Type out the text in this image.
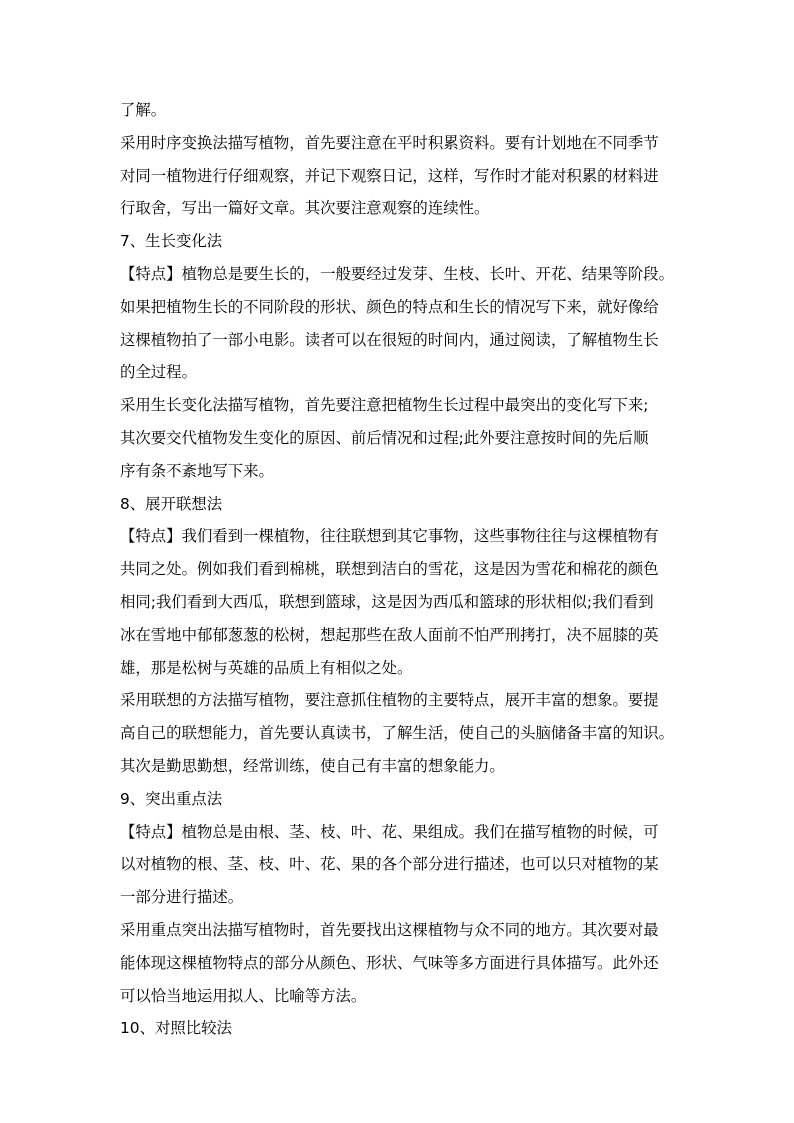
了解。
采用时序变换法描写植物，首先要注意在平时积累资料。要有计划地在不同季节
对同一植物进行仔细观察，并记下观察日记，这样，写作时才能对积累的材料进
行取舍，写出一篇好文章。其次要注意观察的连续性。
7、生长变化法
【特点】植物总是要生长的，一般要经过发芽、生枝、长叶、开花、结果等阶段。
如果把植物生长的不同阶段的形状、颜色的特点和生长的情况写下来，就好像给
这棵植物拍了一部小电影。读者可以在很短的时间内，通过阅读，了解植物生长
的全过程。
采用生长变化法描写植物，首先要注意把植物生长过程中最突出的变化写下来;
其次要交代植物发生变化的原因、前后情况和过程;此外要注意按时间的先后顺
序有条不紊地写下来。
8、展开联想法
【特点】我们看到一棵植物，往往联想到其它事物，这些事物往往与这棵植物有
共同之处。例如我们看到棉桃，联想到洁白的雪花，这是因为雪花和棉花的颜色
相同;我们看到大西瓜，联想到篮球，这是因为西瓜和篮球的形状相似;我们看到
冰在雪地中郁郁葱葱的松树，想起那些在敌人面前不怕严刑拷打，决不屈膝的英
雄，那是松树与英雄的品质上有相似之处。
采用联想的方法描写植物，要注意抓住植物的主要特点，展开丰富的想象。要提
高自己的联想能力，首先要认真读书，了解生活，使自己的头脑储备丰富的知识。
其次是勤思勤想，经常训练，使自己有丰富的想象能力。
9、突出重点法
【特点】植物总是由根、茎、枝、叶、花、果组成。我们在描写植物的时候，可
以对植物的根、茎、枝、叶、花、果的各个部分进行描述，也可以只对植物的某
一部分进行描述。
采用重点突出法描写植物时，首先要找出这棵植物与众不同的地方。其次要对最
能体现这棵植物特点的部分从颜色、形状、气味等多方面进行具体描写。此外还
可以恰当地运用拟人、比喻等方法。
10、对照比较法
